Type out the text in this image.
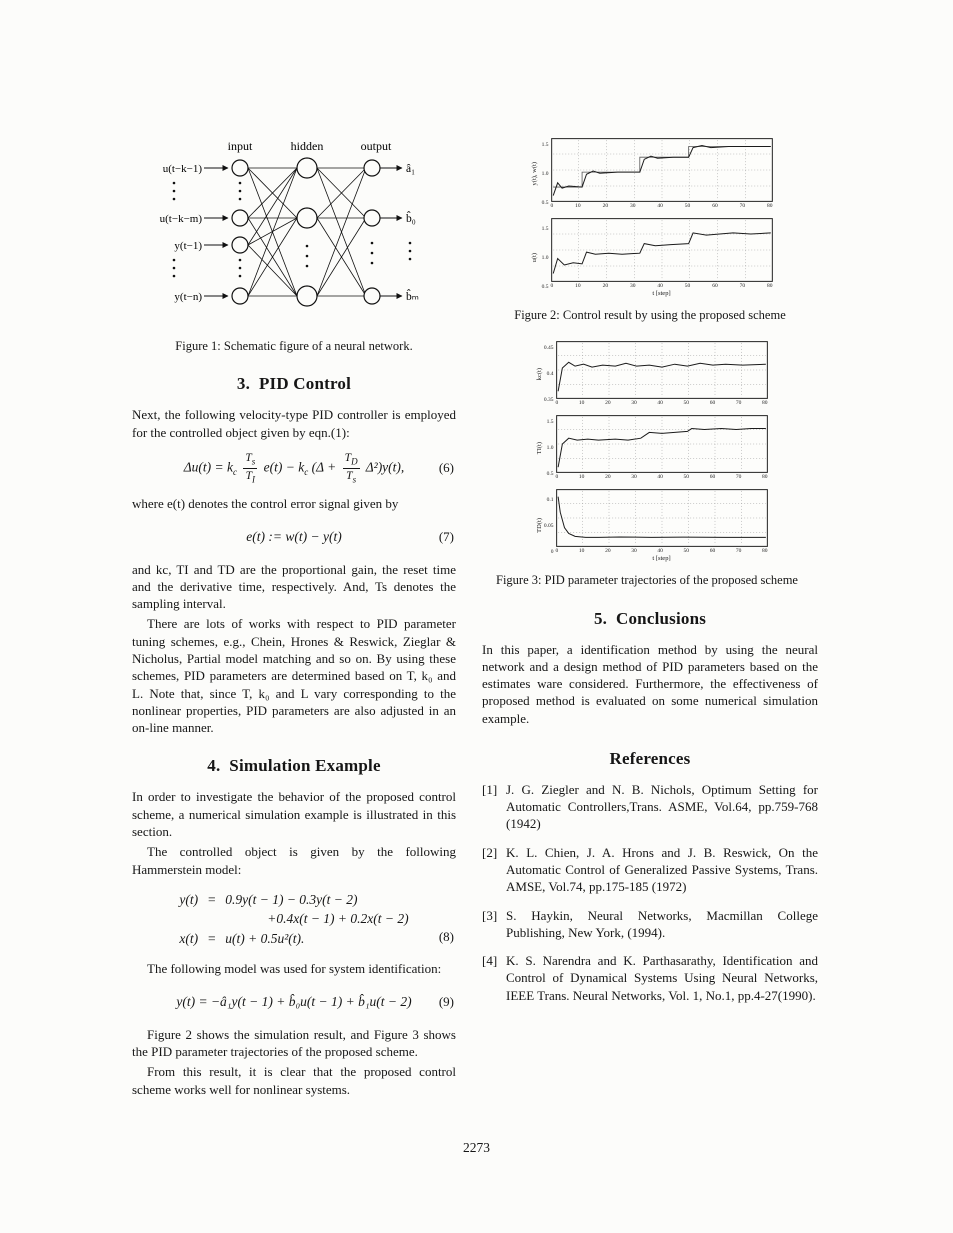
input	hidden	output
u(t−k−1)
u(t−k−m)
y(t−1)
y(t−n)
â₁
b̂₀
b̂ₘ
Figure 1: Schematic figure of a neural network.
3.  PID Control

Next, the following velocity-type PID controller is employed for the controlled object given by eqn.(1):

$\Delta u(t) = k_c \frac{T_s}{T_I} e(t) - k_c$ $(\Delta + \frac{T_D}{T_s} \Delta^2)y(t)$,	(6)

where e(t) denotes the control error signal given by

e(t) := w(t) − y(t)	(7)

and kc, TI and TD are the proportional gain, the reset time and the derivative time, respectively. And, Ts denotes the sampling interval.

There are lots of works with respect to PID parameter tuning schemes, e.g., Chein, Hrones & Reswick, Zieglar & Nicholus, Partial model matching and so on. By using these schemes, PID parameters are determined based on T, k₀ and L. Note that, since T, k₀ and L vary corresponding to the nonlinear properties, PID parameters are also adjusted in an on-line manner.

4.  Simulation Example

In order to investigate the behavior of the proposed control scheme, a numerical simulation example is illustrated in this section.

The controlled object is given by the following Hammerstein model:

y(t) = 0.9y(t − 1) − 0.3y(t − 2)
+0.4x(t − 1) + 0.2x(t − 2)
x(t) = u(t) + 0.5u²(t).	(8)

The following model was used for system identification:

y(t) = −â₁y(t − 1) + b̂₀u(t − 1) + b̂₁u(t − 2) (9)

Figure 2 shows the simulation result, and Figure 3 shows the PID parameter trajectories of the proposed scheme.

From this result, it is clear that the proposed control scheme works well for nonlinear systems.

y(t), w(t)
1.5
1.0
0.5
0	10	20	30	40	50	60	70	80
u(t)
1.5
1.0
0.5 0	10	20	30	40	50	60	70	80
t [step]
Figure 2: Control result by using the proposed scheme
kc(t)
0.45
0.4
0.35
0	10	20	30	40	50	60	70	80
TI(t)
1.5
1.0
0.5
0	10	20	30	40	50	60	70	80
TD(t)
0.1
0.05
0 0	10	20	30	40	50	60	70	80
t [step]
Figure 3: PID parameter trajectories of the proposed scheme
5.  Conclusions

In this paper, a identification method by using the neural network and a design method of PID parameters based on the estimates ware considered. Furthermore, the effectiveness of proposed method is evaluated on some numerical simulation example.

References
[1] J. G. Ziegler and N. B. Nichols, Optimum Setting for Automatic Controllers,Trans. ASME, Vol.64, pp.759-768 (1942)
[2] K. L. Chien, J. A. Hrons and J. B. Reswick, On the Automatic Control of Generalized Passive Systems, Trans. AMSE, Vol.74, pp.175-185 (1972)
[3] S. Haykin, Neural Networks, Macmillan College Publishing, New York, (1994).
[4] K. S. Narendra and K. Parthasarathy, Identification and Control of Dynamical Systems Using Neural Networks, IEEE Trans. Neural Networks, Vol. 1, No.1, pp.4-27(1990).
2273
